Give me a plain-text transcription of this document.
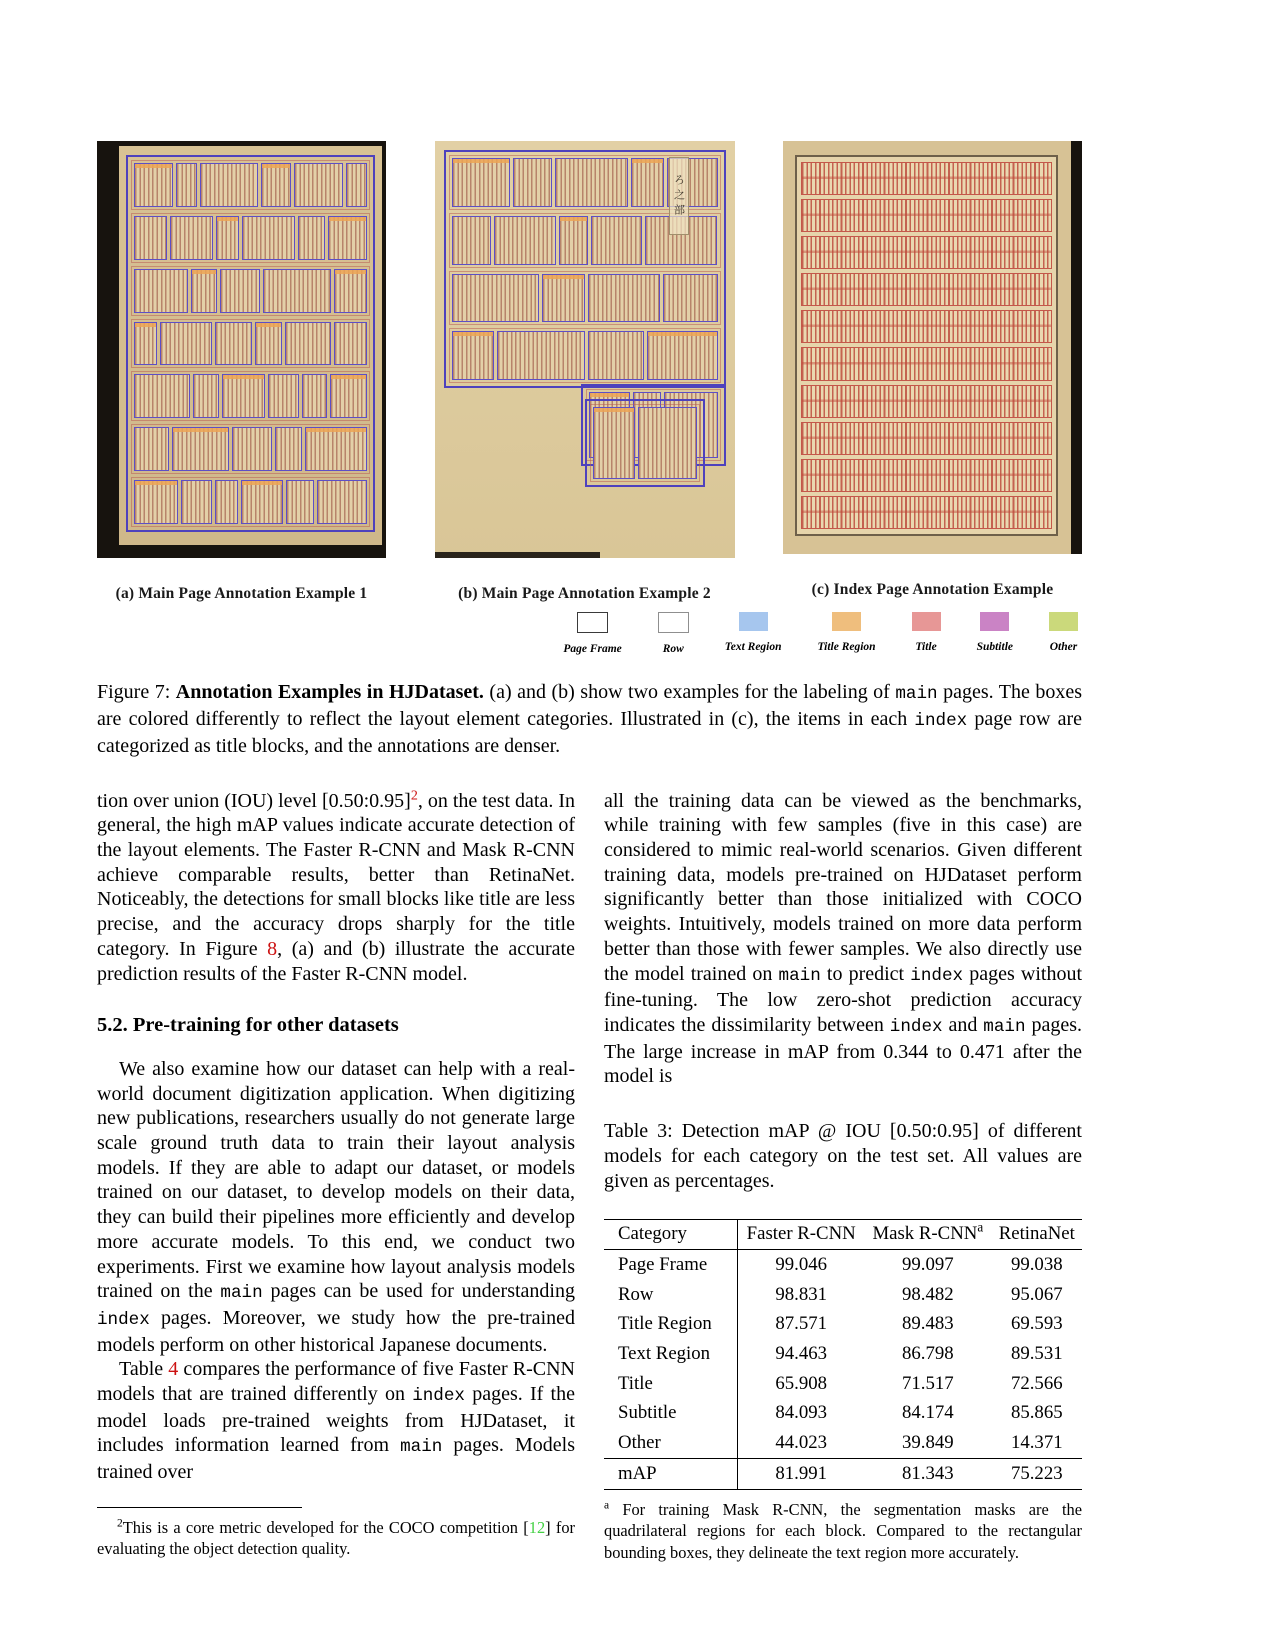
(a) Main Page Annotation Example 1
ろ之部
(b) Main Page Annotation Example 2	(c) Index Page Annotation Example
Page Frame	Row	Text Region	Title Region	Title	Subtitle	Other
Figure 7: Annotation Examples in HJDataset. (a) and (b) show two examples for the labeling of main pages. The boxes are colored differently to reflect the layout element categories. Illustrated in (c), the items in each index page row are categorized as title blocks, and the annotations are denser.

tion over union (IOU) level [0.50:0.95]$^2$, on the test data. In general, the high mAP values indicate accurate detection of the layout elements. The Faster R-CNN and Mask R-CNN achieve comparable results, better than RetinaNet. Noticeably, the detections for small blocks like title are less precise, and the accuracy drops sharply for the title category. In Figure 8, (a) and (b) illustrate the accurate prediction results of the Faster R-CNN model.

5.2. Pre-training for other datasets

We also examine how our dataset can help with a real-world document digitization application. When digitizing new publications, researchers usually do not generate large scale ground truth data to train their layout analysis models. If they are able to adapt our dataset, or models trained on our dataset, to develop models on their data, they can build their pipelines more efficiently and develop more accurate models. To this end, we conduct two experiments. First we examine how layout analysis models trained on the main pages can be used for understanding index pages. Moreover, we study how the pre-trained models perform on other historical Japanese documents.

Table 4 compares the performance of five Faster R-CNN models that are trained differently on index pages. If the model loads pre-trained weights from HJDataset, it includes information learned from main pages. Models trained over

$^2$This is a core metric developed for the COCO competition [12] for evaluating the object detection quality.

all the training data can be viewed as the benchmarks, while training with few samples (five in this case) are considered to mimic real-world scenarios. Given different training data, models pre-trained on HJDataset perform significantly better than those initialized with COCO weights. Intuitively, models trained on more data perform better than those with fewer samples. We also directly use the model trained on main to predict index pages without fine-tuning. The low zero-shot prediction accuracy indicates the dissimilarity between index and main pages. The large increase in mAP from 0.344 to 0.471 after the model is

Table 3: Detection mAP @ IOU [0.50:0.95] of different models for each category on the test set. All values are given as percentages.

Category	Faster R-CNN	Mask R-CNN$^a$	RetinaNet
Page Frame	99.046	99.097	99.038
Row	98.831	98.482	95.067
Title Region	87.571	89.483	69.593
Text Region	94.463	86.798	89.531
Title	65.908	71.517	72.566
Subtitle	84.093	84.174	85.865
Other	44.023	39.849	14.371
mAP	81.991	81.343	75.223

$^a$ For training Mask R-CNN, the segmentation masks are the quadrilateral regions for each block. Compared to the rectangular bounding boxes, they delineate the text region more accurately.
